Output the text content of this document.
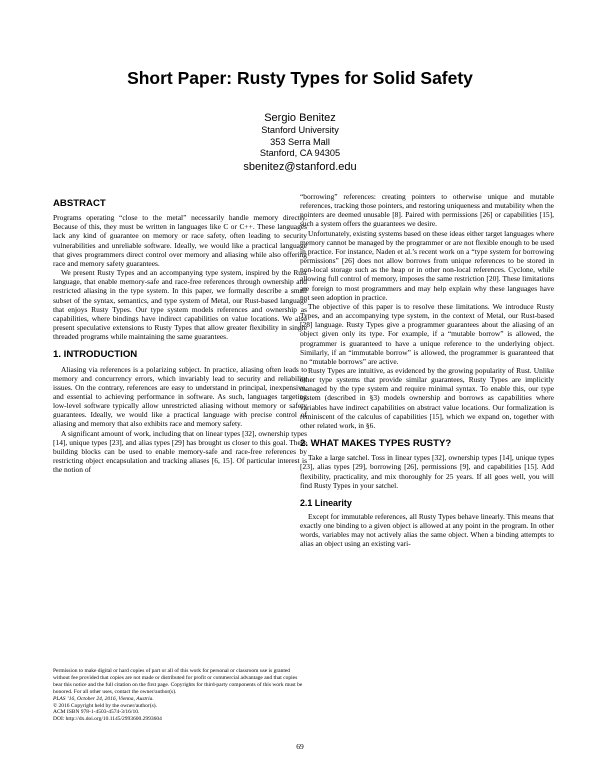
Short Paper: Rusty Types for Solid Safety
Sergio Benitez
Stanford University
353 Serra Mall
Stanford, CA 94305
sbenitez@stanford.edu
ABSTRACT

Programs operating “close to the metal” necessarily handle memory directly. Because of this, they must be written in languages like C or C++. These languages lack any kind of guarantee on memory or race safety, often leading to security vulnerabilities and unreliable software. Ideally, we would like a practical language that gives programmers direct control over memory and aliasing while also offering race and memory safety guarantees.

We present Rusty Types and an accompanying type system, inspired by the Rust language, that enable memory-safe and race-free references through ownership and restricted aliasing in the type system. In this paper, we formally describe a small subset of the syntax, semantics, and type system of Metal, our Rust-based language that enjoys Rusty Types. Our type system models references and ownership as capabilities, where bindings have indirect capabilities on value locations. We also present speculative extensions to Rusty Types that allow greater flexibility in single threaded programs while maintaining the same guarantees.

1. INTRODUCTION

Aliasing via references is a polarizing subject. In practice, aliasing often leads to memory and concurrency errors, which invariably lead to security and reliability issues. On the contrary, references are easy to understand in principal, inexpensive, and essential to achieving performance in software. As such, languages targeting low-level software typically allow unrestricted aliasing without memory or safety guarantees. Ideally, we would like a practical language with precise control of aliasing and memory that also exhibits race and memory safety.

A significant amount of work, including that on linear types [32], ownership types [14], unique types [23], and alias types [29] has brought us closer to this goal. These building blocks can be used to enable memory-safe and race-free references by restricting object encapsulation and tracking aliases [6, 15]. Of particular interest is the notion of

“borrowing” references: creating pointers to otherwise unique and mutable references, tracking those pointers, and restoring uniqueness and mutability when the pointers are deemed unusable [8]. Paired with permissions [26] or capabilities [15], such a system offers the guarantees we desire.

Unfortunately, existing systems based on these ideas either target languages where memory cannot be managed by the programmer or are not flexible enough to be used in practice. For instance, Naden et al.’s recent work on a “type system for borrowing permissions” [26] does not allow borrows from unique references to be stored in non-local storage such as the heap or in other non-local references. Cyclone, while allowing full control of memory, imposes the same restriction [20]. These limitations are foreign to most programmers and may help explain why these languages have not seen adoption in practice.

The objective of this paper is to resolve these limitations. We introduce Rusty Types, and an accompanying type system, in the context of Metal, our Rust-based [28] language. Rusty Types give a programmer guarantees about the aliasing of an object given only its type. For example, if a “mutable borrow” is allowed, the programmer is guaranteed to have a unique reference to the underlying object. Similarly, if an “immutable borrow” is allowed, the programmer is guaranteed that no “mutable borrows” are active.

Rusty Types are intuitive, as evidenced by the growing popularity of Rust. Unlike other type systems that provide similar guarantees, Rusty Types are implicitly managed by the type system and require minimal syntax. To enable this, our type system (described in §3) models ownership and borrows as capabilities where variables have indirect capabilities on abstract value locations. Our formalization is reminiscent of the calculus of capabilities [15], which we expand on, together with other related work, in §6.

2. WHAT MAKES TYPES RUSTY?

Take a large satchel. Toss in linear types [32], ownership types [14], unique types [23], alias types [29], borrowing [26], permissions [9], and capabilities [15]. Add flexibility, practicality, and mix thoroughly for 25 years. If all goes well, you will find Rusty Types in your satchel.

2.1 Linearity

Except for immutable references, all Rusty Types behave linearly. This means that exactly one binding to a given object is allowed at any point in the program. In other words, variables may not actively alias the same object. When a binding attempts to alias an object using an existing vari-

Permission to make digital or hard copies of part or all of this work for personal or classroom use is granted without fee provided that copies are not made or distributed for profit or commercial advantage and that copies bear this notice and the full citation on the first page. Copyrights for third-party components of this work must be honored. For all other uses, contact the owner/author(s).
PLAS ’16, October 24, 2016, Vienna, Austria.
© 2016 Copyright held by the owner/author(s).
ACM ISBN 978-1-4503-4574-3/16/10.
DOI: http://dx.doi.org/10.1145/2993600.2993604
69
